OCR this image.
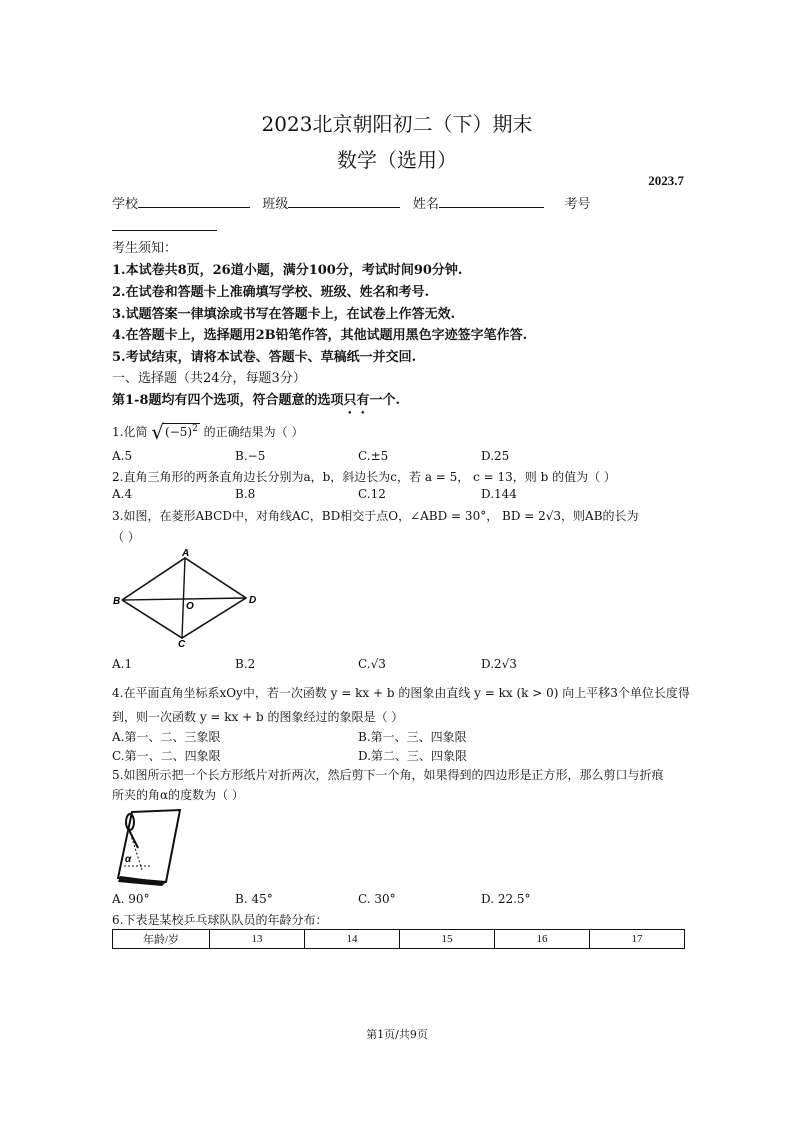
2023北京朝阳初二（下）期末
数学（选用）
2023.7
学校	班级	姓名	考号
考生须知：
1.本试卷共8页，26道小题，满分100分，考试时间90分钟.
2.在试卷和答题卡上准确填写学校、班级、姓名和考号.
3.试题答案一律填涂或书写在答题卡上，在试卷上作答无效.
4.在答题卡上，选择题用2B铅笔作答，其他试题用黑色字迹签字笔作答.
5.考试结束，请将本试卷、答题卡、草稿纸一并交回.
一、选择题（共24分，每题3分）
第1-8题均有四个选项，符合题意的选项只有一个.
1.化简 $√(-5)^2$ 的正确结果为（ ）
A.5	B.−5	C.±5	D.25
2.直角三角形的两条直角边长分别为a，b，斜边长为c，若 a = 5， c = 13，则 b 的值为（ ）
A.4	B.8	C.12	D.144
3.如图，在菱形ABCD中，对角线AC，BD相交于点O，∠ABD = 30°， BD = 2√3，则AB的长为
（ ）
A
B
C
D
O
A.1	B.2	C.√3	D.2√3
4.在平面直角坐标系xOy中，若一次函数 y = kx + b 的图象由直线 y = kx (k > 0) 向上平移3个单位长度得
到，则一次函数 y = kx + b 的图象经过的象限是（ ）
A.第一、二、三象限	B.第一、三、四象限
C.第一、二、四象限	D.第二、三、四象限
5.如图所示把一个长方形纸片对折两次，然后剪下一个角，如果得到的四边形是正方形，那么剪口与折痕
所夹的角α的度数为（ ）
α
A. 90°	B. 45°	C. 30°	D. 22.5°
6.下表是某校乒乓球队队员的年龄分布：
年龄/岁	13	14	15	16	17
第1页/共9页
